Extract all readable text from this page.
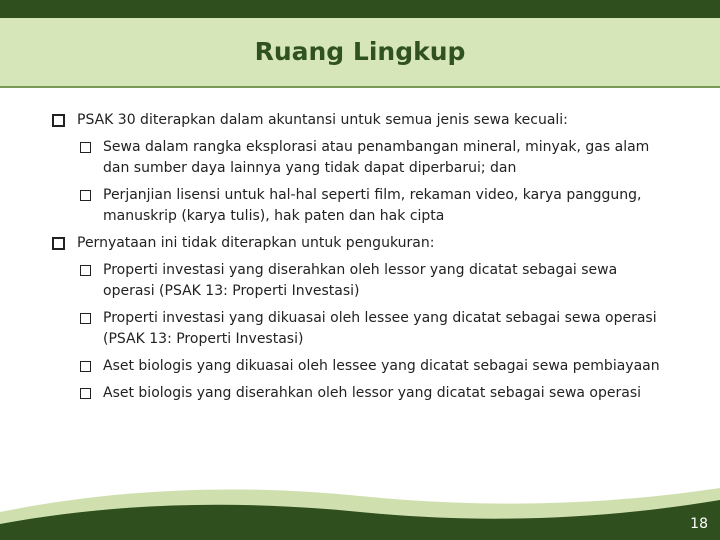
Ruang Lingkup
PSAK 30 diterapkan dalam akuntansi untuk semua jenis sewa kecuali:
Sewa dalam rangka eksplorasi atau penambangan mineral, minyak, gas alam dan sumber daya lainnya yang tidak dapat diperbarui; dan
Perjanjian lisensi untuk hal-hal seperti film, rekaman video, karya panggung, manuskrip (karya tulis), hak paten dan hak cipta
Pernyataan ini tidak diterapkan untuk pengukuran:
Properti investasi yang diserahkan oleh lessor yang dicatat sebagai sewa operasi (PSAK 13: Properti Investasi)
Properti investasi yang dikuasai oleh lessee yang dicatat sebagai sewa operasi (PSAK 13: Properti Investasi)
Aset biologis yang dikuasai oleh lessee yang dicatat sebagai sewa pembiayaan
Aset biologis yang diserahkan oleh lessor yang dicatat sebagai sewa operasi
18
